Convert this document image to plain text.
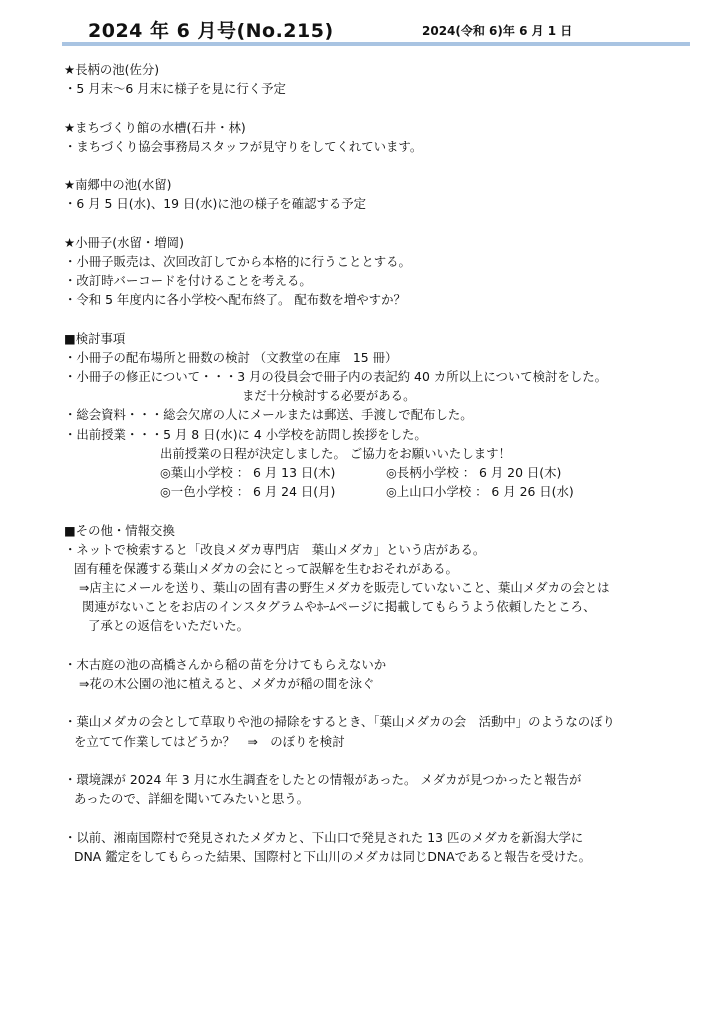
2024 年 6 月号(No.215)	2024(令和 6)年 6 月 1 日
★長柄の池(佐分)
・5 月末～6 月末に様子を見に行く予定
★まちづくり館の水槽(石井・林)
・まちづくり協会事務局スタッフが見守りをしてくれています。
★南郷中の池(水留)
・6 月 5 日(水)、19 日(水)に池の様子を確認する予定
★小冊子(水留・増岡)
・小冊子販売は、次回改訂してから本格的に行うこととする。
・改訂時バーコードを付けることを考える。
・令和 5 年度内に各小学校へ配布終了。 配布数を増やすか？
■検討事項
・小冊子の配布場所と冊数の検討 （文教堂の在庫　15 冊）
・小冊子の修正について・・・3 月の役員会で冊子内の表記約 40 カ所以上について検討をした。
まだ十分検討する必要がある。
・総会資料・・・総会欠席の人にメールまたは郵送、手渡しで配布した。
・出前授業・・・5 月 8 日(水)に 4 小学校を訪問し挨拶をした。
出前授業の日程が決定しました。 ご協力をお願いいたします！
◎葉山小学校 ： 6 月 13 日(木)	◎長柄小学校 ： 6 月 20 日(木)
◎一色小学校 ： 6 月 24 日(月)	◎上山口小学校 ： 6 月 26 日(水)
■その他・情報交換
・ネットで検索すると「改良メダカ専門店　葉山メダカ」という店がある。
固有種を保護する葉山メダカの会にとって誤解を生むおそれがある。
⇒店主にメールを送り、葉山の固有書の野生メダカを販売していないこと、葉山メダカの会とは
関連がないことをお店のインスタグラムやﾎｰﾑページに掲載してもらうよう依頼したところ、
了承との返信をいただいた。
・木古庭の池の高橋さんから稲の苗を分けてもらえないか
⇒花の木公園の池に植えると、メダカが稲の間を泳ぐ
・葉山メダカの会として草取りや池の掃除をするとき、「葉山メダカの会　活動中」のようなのぼり
を立てて作業してはどうか？　⇒　のぼりを検討
・環境課が 2024 年 3 月に水生調査をしたとの情報があった。 メダカが見つかったと報告が
あったので、詳細を聞いてみたいと思う。
・以前、湘南国際村で発見されたメダカと、下山口で発見された 13 匹のメダカを新潟大学に
DNA 鑑定をしてもらった結果、国際村と下山川のメダカは同じDNAであると報告を受けた。
